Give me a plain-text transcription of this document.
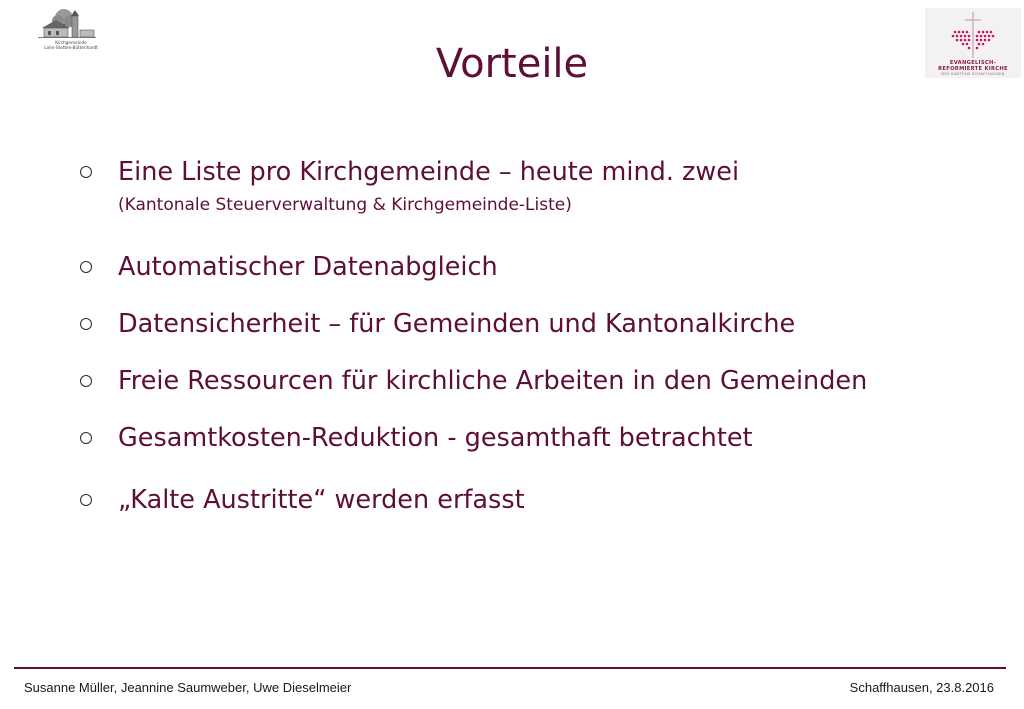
Kirchgemeinde
Lohn-Stetten-Büttenhardt
EVANGELISCH-
REFORMIERTE KIRCHE
DES KANTONS SCHAFFHAUSEN
Vorteile
Eine Liste pro Kirchgemeinde – heute mind. zwei
(Kantonale Steuerverwaltung & Kirchgemeinde-Liste)
Automatischer Datenabgleich
Datensicherheit – für Gemeinden und Kantonalkirche
Freie Ressourcen für kirchliche Arbeiten in den Gemeinden
Gesamtkosten-Reduktion - gesamthaft betrachtet
„Kalte Austritte“ werden erfasst
Susanne Müller, Jeannine Saumweber, Uwe Dieselmeier	Schaffhausen, 23.8.2016
